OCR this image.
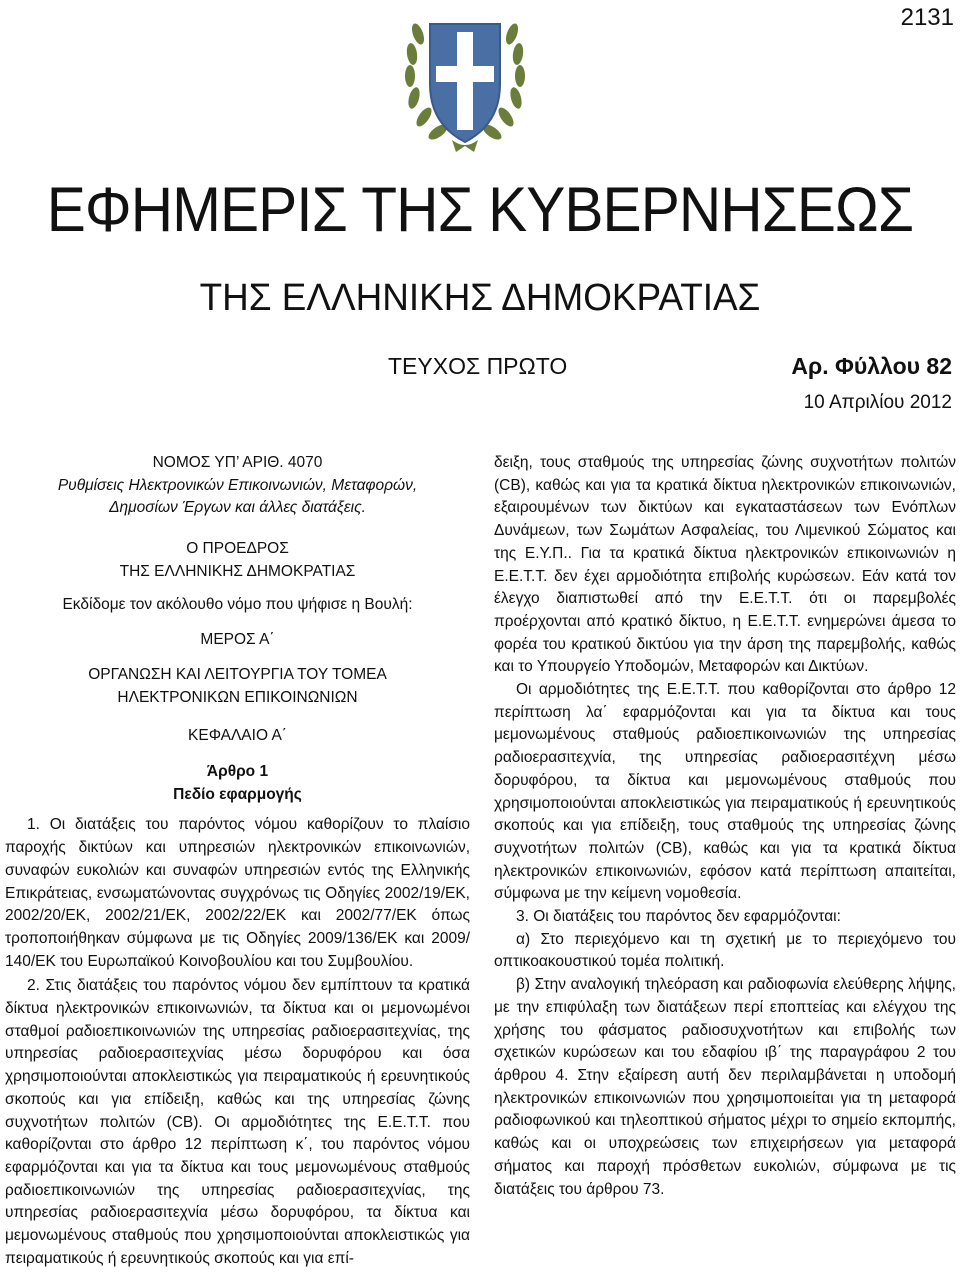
2131
ΕΦΗΜΕΡΙΣ ΤΗΣ ΚΥΒΕΡΝΗΣΕΩΣ
ΤΗΣ ΕΛΛΗΝΙΚΗΣ ΔΗΜΟΚΡΑΤΙΑΣ
ΤΕΥΧΟΣ ΠΡΩΤΟ	Αρ. Φύλλου 82
10 Απριλίου 2012
ΝΟΜΟΣ ΥΠ’ ΑΡΙΘ. 4070
Ρυθμίσεις Ηλεκτρονικών Επικοινωνιών, Μεταφορών,
Δημοσίων Έργων και άλλες διατάξεις.
Ο ΠΡΟΕΔΡΟΣ
ΤΗΣ ΕΛΛΗΝΙΚΗΣ ΔΗΜΟΚΡΑΤΙΑΣ
Εκδίδομε τον ακόλουθο νόμο που ψήφισε η Βουλή:
ΜΕΡΟΣ Α΄
ΟΡΓΑΝΩΣΗ ΚΑΙ ΛΕΙΤΟΥΡΓΙΑ ΤΟΥ ΤΟΜΕΑ
ΗΛΕΚΤΡΟΝΙΚΩΝ ΕΠΙΚΟΙΝΩΝΙΩΝ
ΚΕΦΑΛΑΙΟ Α΄
Άρθρο 1
Πεδίο εφαρμογής

1. Οι διατάξεις του παρόντος νόμου καθορίζουν το πλαίσιο παροχής δικτύων και υπηρεσιών ηλεκτρονικών επικοινωνιών, συναφών ευκολιών και συναφών υπηρεσιών εντός της Ελληνικής Επικράτειας, ενσωματώνοντας συγχρόνως τις Οδηγίες 2002/19/ΕΚ, 2002/20/ΕΚ, 2002/21/ΕΚ, 2002/22/ΕΚ και 2002/77/ΕΚ όπως τροποποιήθηκαν σύμφωνα με τις Οδηγίες 2009/136/ΕΚ και 2009/ 140/ΕΚ του Ευρωπαϊκού Κοινοβουλίου και του Συμβουλίου.

2. Στις διατάξεις του παρόντος νόμου δεν εμπίπτουν τα κρατικά δίκτυα ηλεκτρονικών επικοινωνιών, τα δίκτυα και οι μεμονωμένοι σταθμοί ραδιοεπικοινωνιών της υπηρεσίας ραδιοερασιτεχνίας, της υπηρεσίας ραδιοερασιτεχνίας μέσω δορυφόρου και όσα χρησιμοποιούνται αποκλειστικώς για πειραματικούς ή ερευνητικούς σκοπούς και για επίδειξη, καθώς και της υπηρεσίας ζώνης συχνοτήτων πολιτών (CB). Οι αρμοδιότητες της Ε.Ε.Τ.Τ. που καθορίζονται στο άρθρο 12 περίπτωση κ΄, του παρόντος νόμου εφαρμόζονται και για τα δίκτυα και τους μεμονωμένους σταθμούς ραδιοεπικοινωνιών της υπηρεσίας ραδιοερασιτεχνίας, της υπηρεσίας ραδιοερασιτεχνία μέσω δορυφόρου, τα δίκτυα και μεμονωμένους σταθμούς που χρησιμοποιούνται αποκλειστικώς για πειραματικούς ή ερευνητικούς σκοπούς και για επί-

δειξη, τους σταθμούς της υπηρεσίας ζώνης συχνοτήτων πολιτών (CB), καθώς και για τα κρατικά δίκτυα ηλεκτρονικών επικοινωνιών, εξαιρουμένων των δικτύων και εγκαταστάσεων των Ενόπλων Δυνάμεων, των Σωμάτων Ασφαλείας, του Λιμενικού Σώματος και της Ε.Υ.Π.. Για τα κρατικά δίκτυα ηλεκτρονικών επικοινωνιών η Ε.Ε.Τ.Τ. δεν έχει αρμοδιότητα επιβολής κυρώσεων. Εάν κατά τον έλεγχο διαπιστωθεί από την Ε.Ε.Τ.Τ. ότι οι παρεμβολές προέρχονται από κρατικό δίκτυο, η Ε.Ε.Τ.Τ. ενημερώνει άμεσα το φορέα του κρατικού δικτύου για την άρση της παρεμβολής, καθώς και το Υπουργείο Υποδομών, Μεταφορών και Δικτύων.

Οι αρμοδιότητες της Ε.Ε.Τ.Τ. που καθορίζονται στο άρθρο 12 περίπτωση λα΄ εφαρμόζονται και για τα δίκτυα και τους μεμονωμένους σταθμούς ραδιοεπικοινωνιών της υπηρεσίας ραδιοερασιτεχνία, της υπηρεσίας ραδιοερασιτέχνη μέσω δορυφόρου, τα δίκτυα και μεμονωμένους σταθμούς που χρησιμοποιούνται αποκλειστικώς για πειραματικούς ή ερευνητικούς σκοπούς και για επίδειξη, τους σταθμούς της υπηρεσίας ζώνης συχνοτήτων πολιτών (CB), καθώς και για τα κρατικά δίκτυα ηλεκτρονικών επικοινωνιών, εφόσον κατά περίπτωση απαιτείται, σύμφωνα με την κείμενη νομοθεσία.

3. Οι διατάξεις του παρόντος δεν εφαρμόζονται:

α) Στο περιεχόμενο και τη σχετική με το περιεχόμενο του οπτικοακουστικού τομέα πολιτική.

β) Στην αναλογική τηλεόραση και ραδιοφωνία ελεύθερης λήψης, με την επιφύλαξη των διατάξεων περί εποπτείας και ελέγχου της χρήσης του φάσματος ραδιοσυχνοτήτων και επιβολής των σχετικών κυρώσεων και του εδαφίου ιβ΄ της παραγράφου 2 του άρθρου 4. Στην εξαίρεση αυτή δεν περιλαμβάνεται η υποδομή ηλεκτρονικών επικοινωνιών που χρησιμοποιείται για τη μεταφορά ραδιοφωνικού και τηλεοπτικού σήματος μέχρι το σημείο εκπομπής, καθώς και οι υποχρεώσεις των επιχειρήσεων για μεταφορά σήματος και παροχή πρόσθετων ευκολιών, σύμφωνα με τις διατάξεις του άρθρου 73.
